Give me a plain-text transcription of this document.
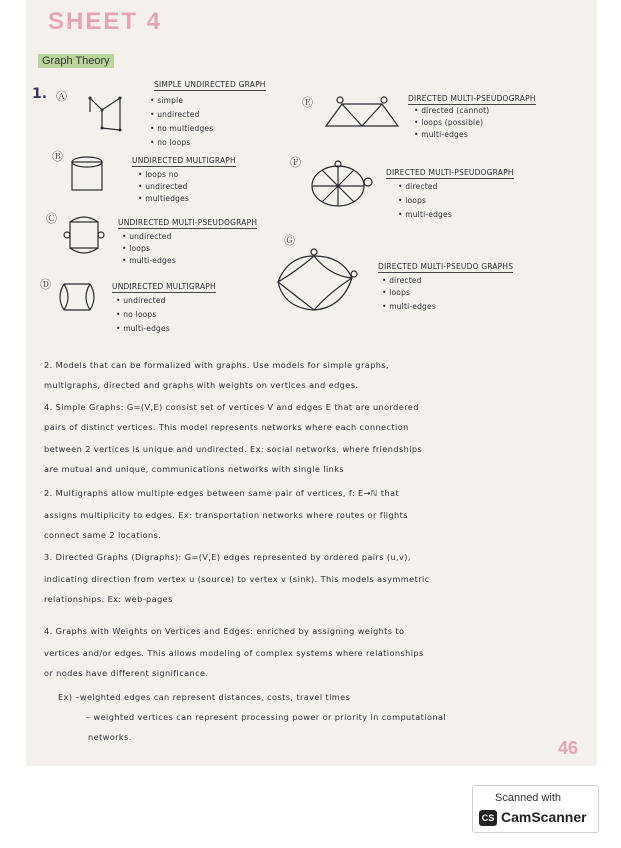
SHEET 4
Graph Theory
1. Ⓐ
SIMPLE UNDIRECTED GRAPH
• simple
• undirected
• no multiedges
• no loops
Ⓑ	UNDIRECTED MULTIGRAPH
• loops no
• undirected
• multiedges
Ⓒ	UNDIRECTED MULTI-PSEUDOGRAPH
• undirected
• loops
• multi-edges
Ⓓ	UNDIRECTED MULTIGRAPH
• undirected
• no loops
• multi-edges
Ⓔ	DIRECTED MULTI-PSEUDOGRAPH
• directed (cannot)
• loops (possible)
• multi-edges
Ⓕ
DIRECTED MULTI-PSEUDOGRAPH
• directed
• loops
• multi-edges
Ⓖ
DIRECTED MULTI-PSEUDO GRAPHS
• directed
• loops
• multi-edges
2. Models that can be formalized with graphs. Use models for simple graphs,
multigraphs, directed and graphs with weights on vertices and edges.
4. Simple Graphs: G=(V,E) consist set of vertices V and edges E that are unordered
pairs of distinct vertices. This model represents networks where each connection
between 2 vertices is unique and undirected. Ex: social networks, where friendships
are mutual and unique, communications networks with single links
2. Multigraphs allow multiple edges between same pair of vertices, f: E→ℕ that
assigns multiplicity to edges. Ex: transportation networks where routes or flights
connect same 2 locations.
3. Directed Graphs (Digraphs): G=(V,E) edges represented by ordered pairs (u,v),
indicating direction from vertex u (source) to vertex v (sink). This models asymmetric
relationships. Ex: web-pages
4. Graphs with Weights on Vertices and Edges: enriched by assigning weights to
vertices and/or edges. This allows modeling of complex systems where relationships
or nodes have different significance.
Ex) –weighted edges can represent distances, costs, travel times
– weighted vertices can represent processing power or priority in computational
networks.
46
Scanned with
CS CamScanner
